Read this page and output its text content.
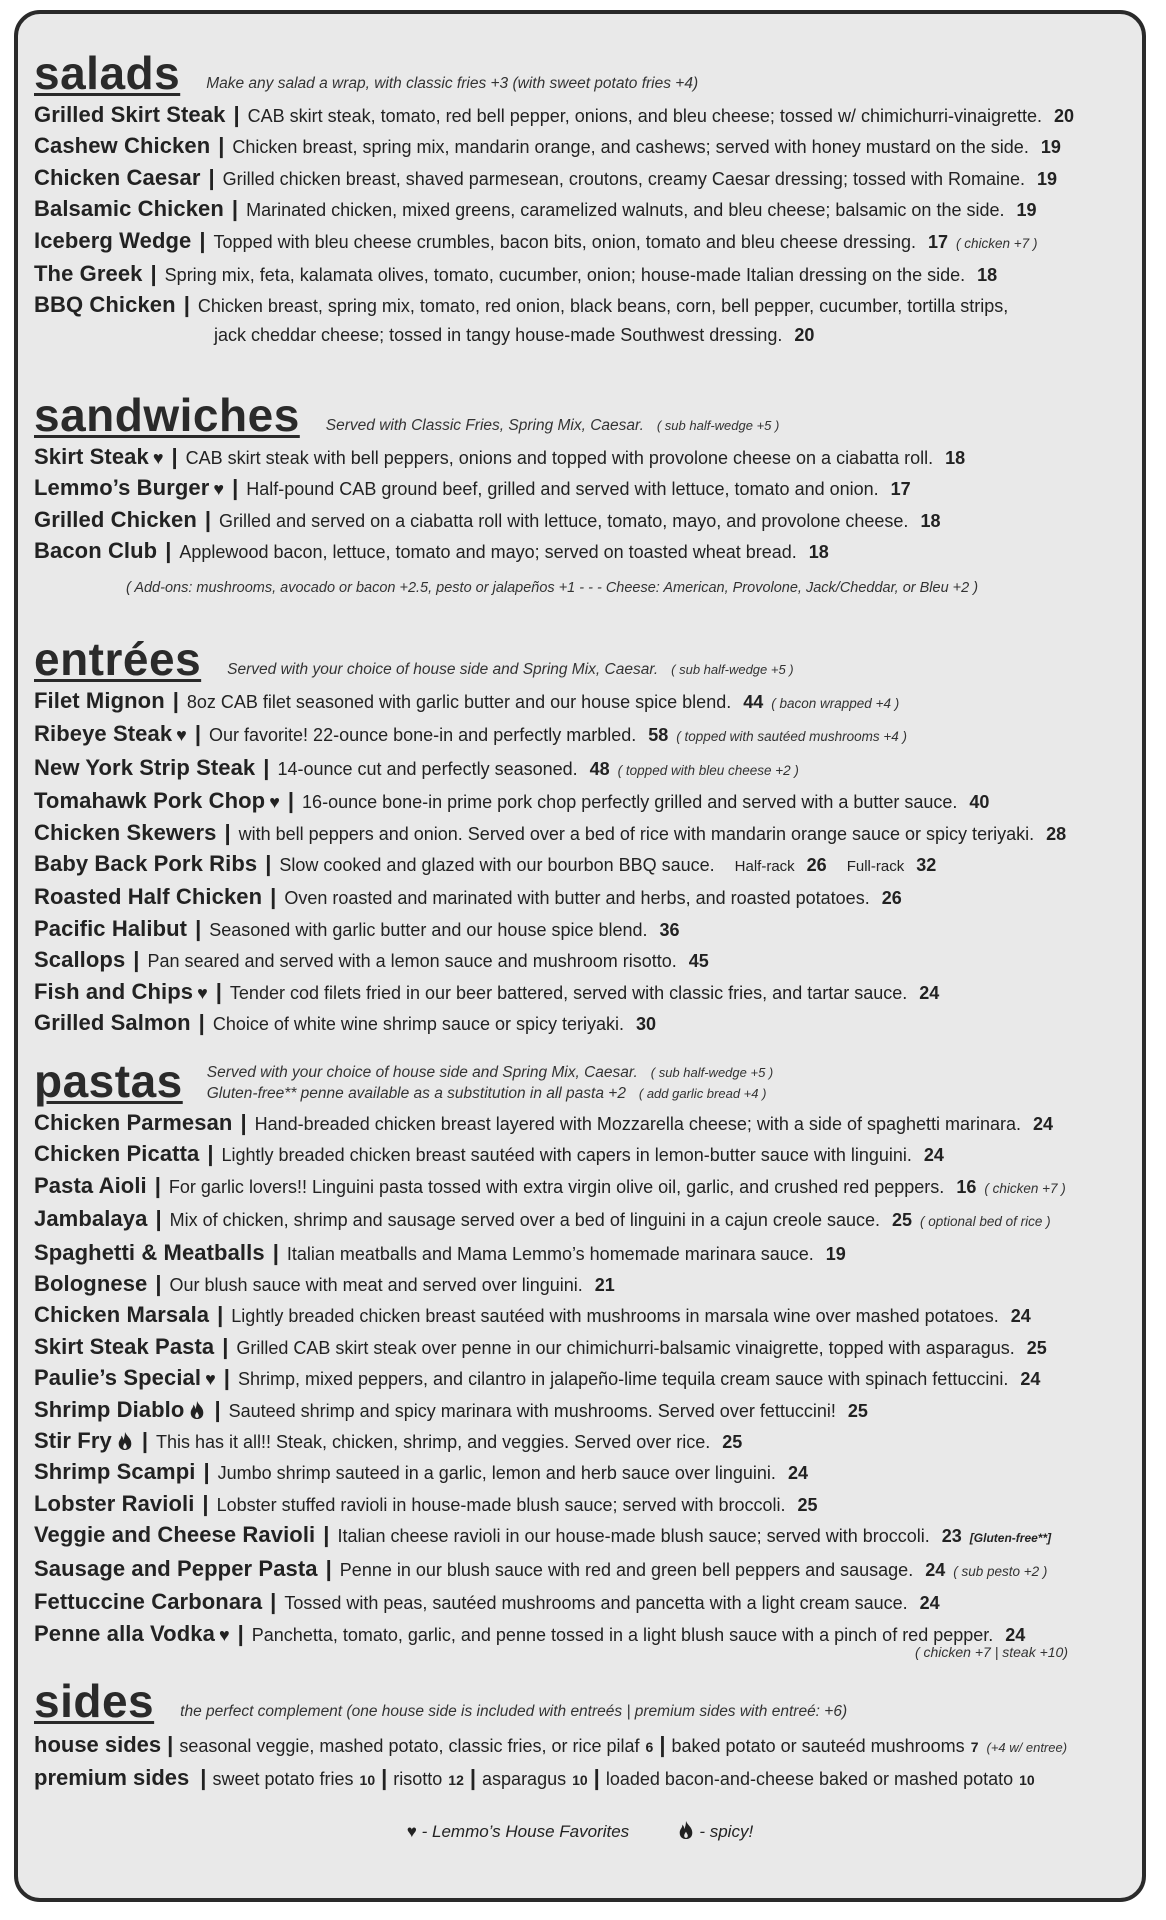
salads Make any salad a wrap, with classic fries +3 (with sweet potato fries +4)
Grilled Skirt Steak | CAB skirt steak, tomato, red bell pepper, onions, and bleu cheese; tossed w/ chimichurri-vinaigrette. 20
Cashew Chicken | Chicken breast, spring mix, mandarin orange, and cashews; served with honey mustard on the side. 19
Chicken Caesar | Grilled chicken breast, shaved parmesean, croutons, creamy Caesar dressing; tossed with Romaine. 19
Balsamic Chicken | Marinated chicken, mixed greens, caramelized walnuts, and bleu cheese; balsamic on the side. 19
Iceberg Wedge | Topped with bleu cheese crumbles, bacon bits, onion, tomato and bleu cheese dressing. 17 ( chicken +7 )
The Greek | Spring mix, feta, kalamata olives, tomato, cucumber, onion; house-made Italian dressing on the side. 18
BBQ Chicken | Chicken breast, spring mix, tomato, red onion, black beans, corn, bell pepper, cucumber, tortilla strips,
jack cheddar cheese; tossed in tangy house-made Southwest dressing. 20
sandwiches Served with Classic Fries, Spring Mix, Caesar. ( sub half-wedge +5 )
Skirt Steak ♥ | CAB skirt steak with bell peppers, onions and topped with provolone cheese on a ciabatta roll. 18
Lemmo’s Burger ♥ | Half-pound CAB ground beef, grilled and served with lettuce, tomato and onion. 17
Grilled Chicken | Grilled and served on a ciabatta roll with lettuce, tomato, mayo, and provolone cheese. 18
Bacon Club | Applewood bacon, lettuce, tomato and mayo; served on toasted wheat bread. 18
( Add-ons: mushrooms, avocado or bacon +2.5, pesto or jalapeños +1 - - - Cheese: American, Provolone, Jack/Cheddar, or Bleu +2 )
entrées Served with your choice of house side and Spring Mix, Caesar. ( sub half-wedge +5 )
Filet Mignon | 8oz CAB filet seasoned with garlic butter and our house spice blend. 44 ( bacon wrapped +4 )
Ribeye Steak ♥ | Our favorite! 22-ounce bone-in and perfectly marbled. 58 ( topped with sautéed mushrooms +4 )
New York Strip Steak | 14-ounce cut and perfectly seasoned. 48 ( topped with bleu cheese +2 )
Tomahawk Pork Chop ♥ | 16-ounce bone-in prime pork chop perfectly grilled and served with a butter sauce. 40
Chicken Skewers | with bell peppers and onion. Served over a bed of rice with mandarin orange sauce or spicy teriyaki. 28
Baby Back Pork Ribs | Slow cooked and glazed with our bourbon BBQ sauce. Half-rack 26 Full-rack 32
Roasted Half Chicken | Oven roasted and marinated with butter and herbs, and roasted potatoes. 26
Pacific Halibut | Seasoned with garlic butter and our house spice blend. 36
Scallops | Pan seared and served with a lemon sauce and mushroom risotto. 45
Fish and Chips ♥ | Tender cod filets fried in our beer battered, served with classic fries, and tartar sauce. 24
Grilled Salmon | Choice of white wine shrimp sauce or spicy teriyaki. 30
pastas Served with your choice of house side and Spring Mix, Caesar. ( sub half-wedge +5 )
Gluten-free** penne available as a substitution in all pasta +2 ( add garlic bread +4 )
Chicken Parmesan | Hand-breaded chicken breast layered with Mozzarella cheese; with a side of spaghetti marinara. 24
Chicken Picatta | Lightly breaded chicken breast sautéed with capers in lemon-butter sauce with linguini. 24
Pasta Aioli | For garlic lovers!! Linguini pasta tossed with extra virgin olive oil, garlic, and crushed red peppers. 16 ( chicken +7 )
Jambalaya | Mix of chicken, shrimp and sausage served over a bed of linguini in a cajun creole sauce. 25 ( optional bed of rice )
Spaghetti & Meatballs | Italian meatballs and Mama Lemmo’s homemade marinara sauce. 19
Bolognese | Our blush sauce with meat and served over linguini. 21
Chicken Marsala | Lightly breaded chicken breast sautéed with mushrooms in marsala wine over mashed potatoes. 24
Skirt Steak Pasta | Grilled CAB skirt steak over penne in our chimichurri-balsamic vinaigrette, topped with asparagus. 25
Paulie’s Special ♥ | Shrimp, mixed peppers, and cilantro in jalapeño-lime tequila cream sauce with spinach fettuccini. 24
Shrimp Diablo | Sauteed shrimp and spicy marinara with mushrooms. Served over fettuccini! 25
Stir Fry | This has it all!! Steak, chicken, shrimp, and veggies. Served over rice. 25
Shrimp Scampi | Jumbo shrimp sauteed in a garlic, lemon and herb sauce over linguini. 24
Lobster Ravioli | Lobster stuffed ravioli in house-made blush sauce; served with broccoli. 25
Veggie and Cheese Ravioli | Italian cheese ravioli in our house-made blush sauce; served with broccoli. 23 [Gluten-free**]
Sausage and Pepper Pasta | Penne in our blush sauce with red and green bell peppers and sausage. 24 ( sub pesto +2 )
Fettuccine Carbonara | Tossed with peas, sautéed mushrooms and pancetta with a light cream sauce. 24
Penne alla Vodka ♥ | Panchetta, tomato, garlic, and penne tossed in a light blush sauce with a pinch of red pepper. 24
( chicken +7 | steak +10)
sides the perfect complement (one house side is included with entreés | premium sides with entreé: +6)
house sides | seasonal veggie, mashed potato, classic fries, or rice pilaf 6 | baked potato or sauteéd mushrooms 7 (+4 w/ entree)
premium sides | sweet potato fries 10 | risotto 12 | asparagus 10 | loaded bacon-and-cheese baked or mashed potato 10
♥ - Lemmo’s House Favorites	- spicy!
